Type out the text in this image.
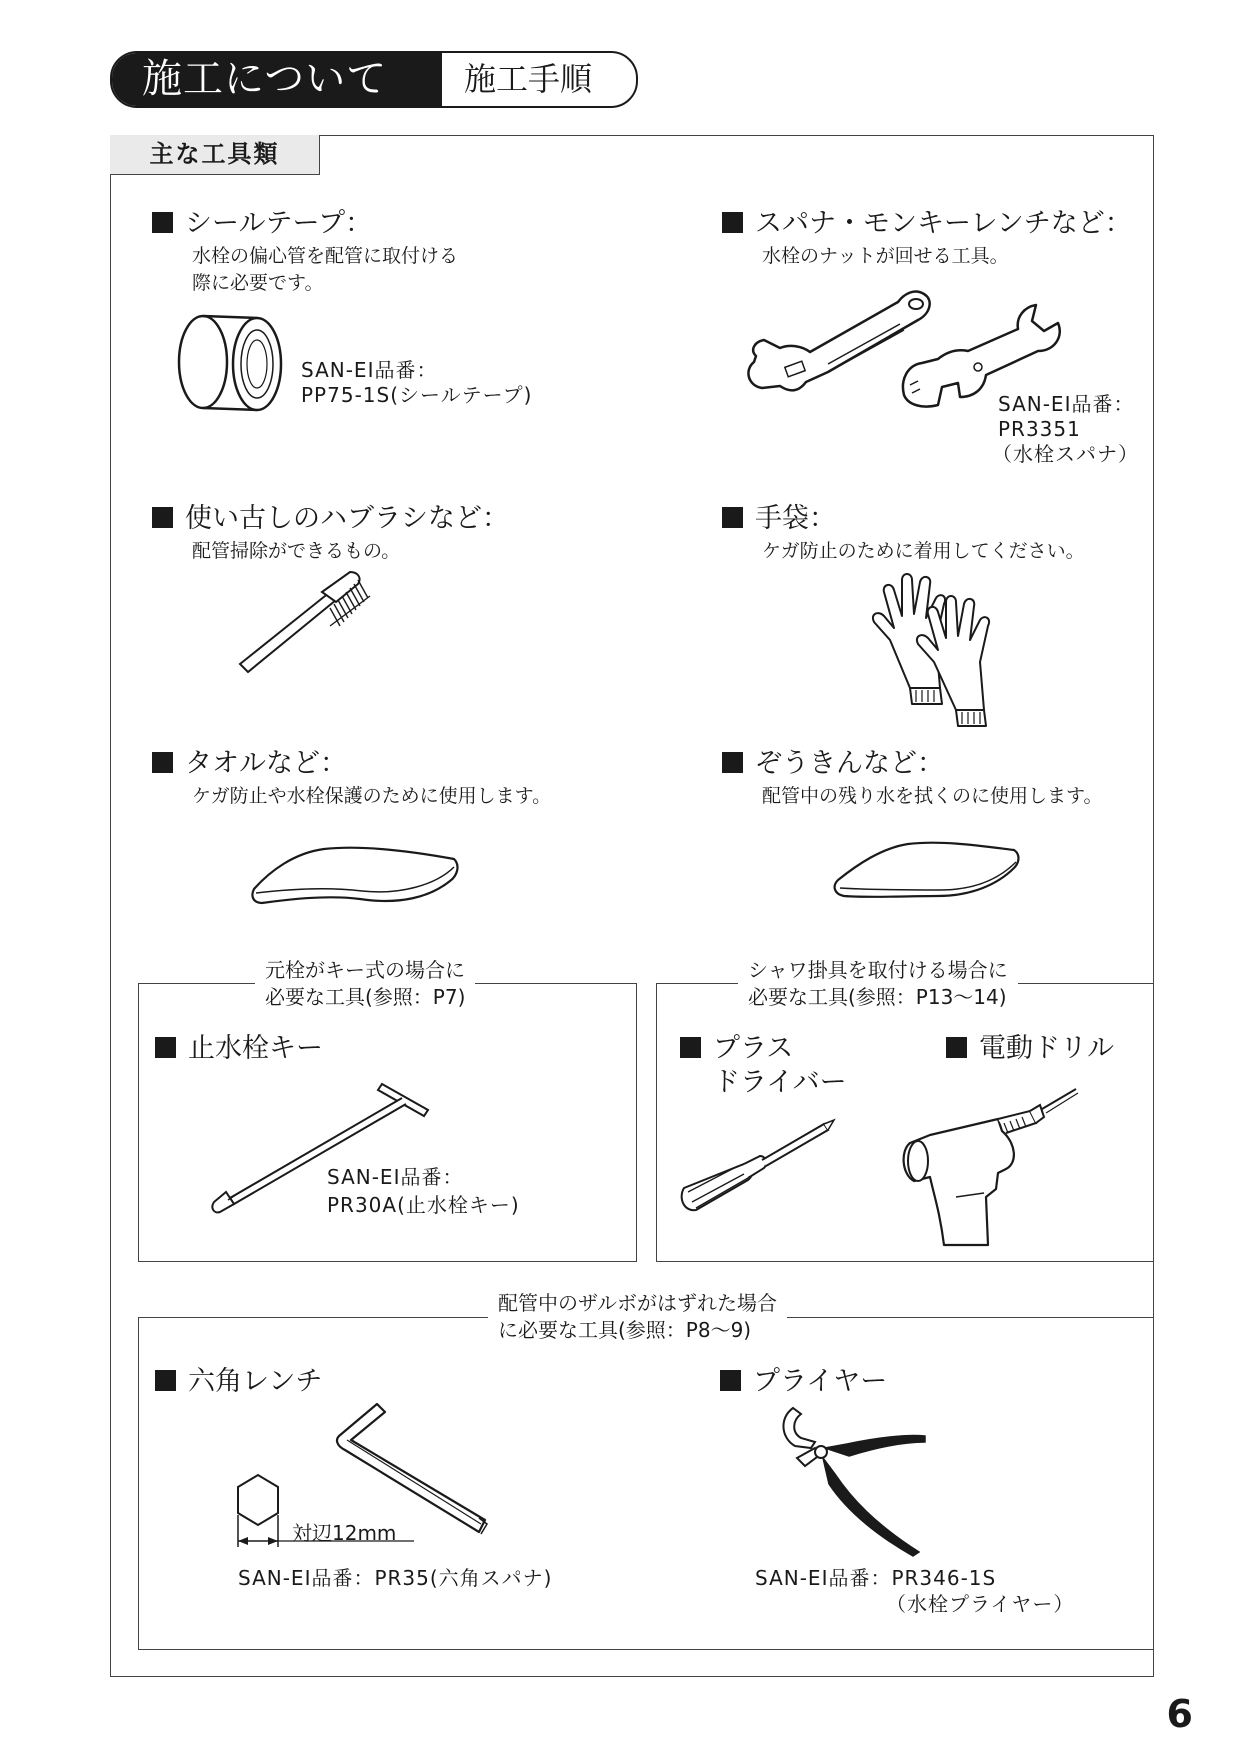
施工について	施工手順
主な工具類
シールテープ：
水栓の偏心管を配管に取付ける
際に必要です。
SAN-EI品番：
PP75-1S(シールテープ)
スパナ・モンキーレンチなど：
水栓のナットが回せる工具。
SAN-EI品番：
PR3351
（水栓スパナ）
使い古しのハブラシなど：
配管掃除ができるもの。
手袋：
ケガ防止のために着用してください。
タオルなど：
ケガ防止や水栓保護のために使用します。
ぞうきんなど：
配管中の残り水を拭くのに使用します。
元栓がキー式の場合に
必要な工具(参照：P7)
止水栓キー
SAN-EI品番：
PR30A(止水栓キー)
シャワ掛具を取付ける場合に
必要な工具(参照：P13～14)
プラス
ドライバー
電動ドリル
配管中のザルボがはずれた場合
に必要な工具(参照：P8～9)
六角レンチ
対辺12mm
SAN-EI品番：PR35(六角スパナ)
プライヤー
SAN-EI品番：PR346-1S
（水栓プライヤー）
6
